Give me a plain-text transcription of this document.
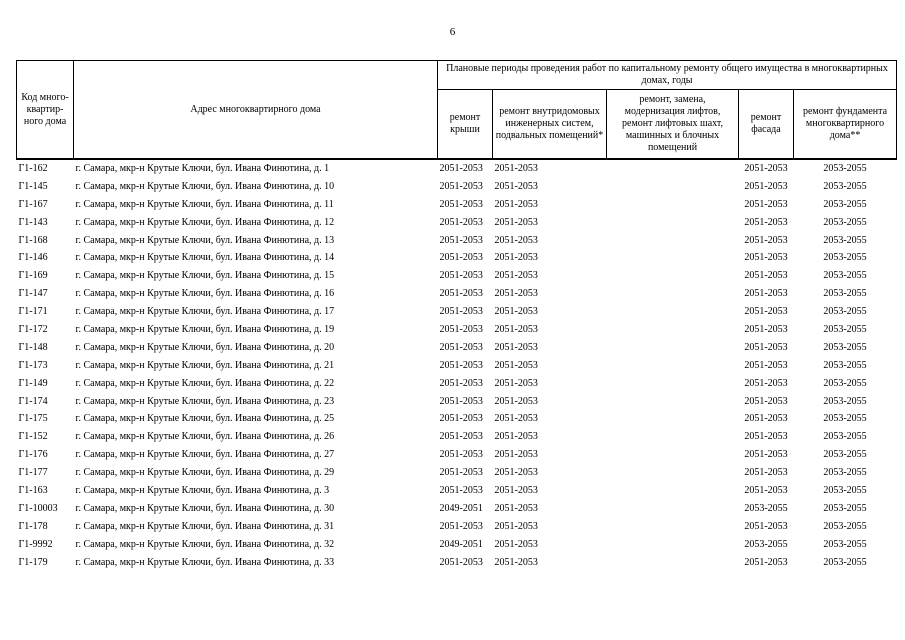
6
Код много-квартир-ного дома	Адрес многоквартирного дома	Плановые периоды проведения работ по капитальному ремонту общего имущества в многоквартирных домах, годы				
		ремонт крыши	ремонт внутридомовых инженерных систем, подвальных помещений*	ремонт, замена, модернизация лифтов, ремонт лифтовых шахт, машинных и блочных помещений	ремонт фасада	ремонт фундамента многоквартирного дома**
Г1-162	г. Самара, мкр-н Крутые Ключи, бул. Ивана Финютина, д. 1	2051-2053	2051-2053		2051-2053	2053-2055
Г1-145	г. Самара, мкр-н Крутые Ключи, бул. Ивана Финютина, д. 10	2051-2053	2051-2053		2051-2053	2053-2055
Г1-167	г. Самара, мкр-н Крутые Ключи, бул. Ивана Финютина, д. 11	2051-2053	2051-2053		2051-2053	2053-2055
Г1-143	г. Самара, мкр-н Крутые Ключи, бул. Ивана Финютина, д. 12	2051-2053	2051-2053		2051-2053	2053-2055
Г1-168	г. Самара, мкр-н Крутые Ключи, бул. Ивана Финютина, д. 13	2051-2053	2051-2053		2051-2053	2053-2055
Г1-146	г. Самара, мкр-н Крутые Ключи, бул. Ивана Финютина, д. 14	2051-2053	2051-2053		2051-2053	2053-2055
Г1-169	г. Самара, мкр-н Крутые Ключи, бул. Ивана Финютина, д. 15	2051-2053	2051-2053		2051-2053	2053-2055
Г1-147	г. Самара, мкр-н Крутые Ключи, бул. Ивана Финютина, д. 16	2051-2053	2051-2053		2051-2053	2053-2055
Г1-171	г. Самара, мкр-н Крутые Ключи, бул. Ивана Финютина, д. 17	2051-2053	2051-2053		2051-2053	2053-2055
Г1-172	г. Самара, мкр-н Крутые Ключи, бул. Ивана Финютина, д. 19	2051-2053	2051-2053		2051-2053	2053-2055
Г1-148	г. Самара, мкр-н Крутые Ключи, бул. Ивана Финютина, д. 20	2051-2053	2051-2053		2051-2053	2053-2055
Г1-173	г. Самара, мкр-н Крутые Ключи, бул. Ивана Финютина, д. 21	2051-2053	2051-2053		2051-2053	2053-2055
Г1-149	г. Самара, мкр-н Крутые Ключи, бул. Ивана Финютина, д. 22	2051-2053	2051-2053		2051-2053	2053-2055
Г1-174	г. Самара, мкр-н Крутые Ключи, бул. Ивана Финютина, д. 23	2051-2053	2051-2053		2051-2053	2053-2055
Г1-175	г. Самара, мкр-н Крутые Ключи, бул. Ивана Финютина, д. 25	2051-2053	2051-2053		2051-2053	2053-2055
Г1-152	г. Самара, мкр-н Крутые Ключи, бул. Ивана Финютина, д. 26	2051-2053	2051-2053		2051-2053	2053-2055
Г1-176	г. Самара, мкр-н Крутые Ключи, бул. Ивана Финютина, д. 27	2051-2053	2051-2053		2051-2053	2053-2055
Г1-177	г. Самара, мкр-н Крутые Ключи, бул. Ивана Финютина, д. 29	2051-2053	2051-2053		2051-2053	2053-2055
Г1-163	г. Самара, мкр-н Крутые Ключи, бул. Ивана Финютина, д. 3	2051-2053	2051-2053		2051-2053	2053-2055
Г1-10003	г. Самара, мкр-н Крутые Ключи, бул. Ивана Финютина, д. 30	2049-2051	2051-2053		2053-2055	2053-2055
Г1-178	г. Самара, мкр-н Крутые Ключи, бул. Ивана Финютина, д. 31	2051-2053	2051-2053		2051-2053	2053-2055
Г1-9992	г. Самара, мкр-н Крутые Ключи, бул. Ивана Финютина, д. 32	2049-2051	2051-2053		2053-2055	2053-2055
Г1-179	г. Самара, мкр-н Крутые Ключи, бул. Ивана Финютина, д. 33	2051-2053	2051-2053		2051-2053	2053-2055
